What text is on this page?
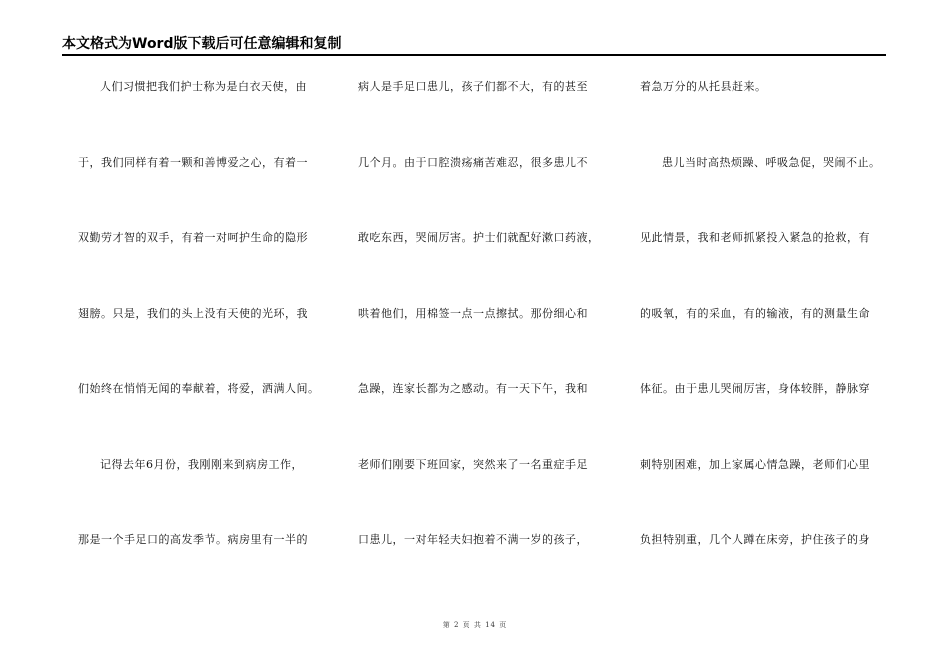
本文格式为Word版下载后可任意编辑和复制
人们习惯把我们护士称为是白衣天使，由
于，我们同样有着一颗和善博爱之心，有着一
双勤劳才智的双手，有着一对呵护生命的隐形
翅膀。只是，我们的头上没有天使的光环，我
们始终在悄悄无闻的奉献着，将爱，洒满人间。
记得去年6月份，我刚刚来到病房工作，
那是一个手足口的高发季节。病房里有一半的
病人是手足口患儿，孩子们都不大，有的甚至
几个月。由于口腔溃疡痛苦难忍，很多患儿不
敢吃东西，哭闹厉害。护士们就配好漱口药液，
哄着他们，用棉签一点一点擦拭。那份细心和
急躁，连家长都为之感动。有一天下午，我和
老师们刚要下班回家，突然来了一名重症手足
口患儿，一对年轻夫妇抱着不满一岁的孩子，
着急万分的从托县赶来。
患儿当时高热烦躁、呼吸急促，哭闹不止。
见此情景，我和老师抓紧投入紧急的抢救，有
的吸氧，有的采血，有的输液，有的测量生命
体征。由于患儿哭闹厉害，身体较胖，静脉穿
刺特别困难，加上家属心情急躁，老师们心里
负担特别重，几个人蹲在床旁，护住孩子的身
第 2 页 共 14 页
